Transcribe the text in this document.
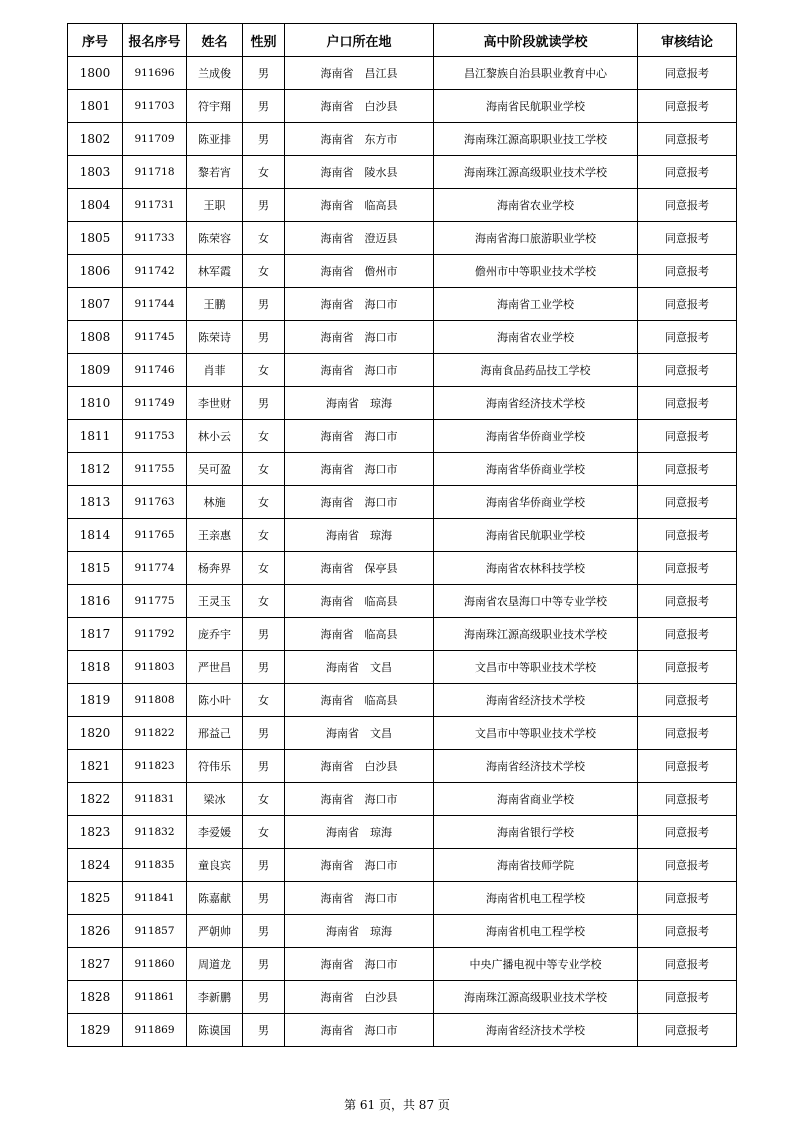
序号	报名序号	姓名	性别	户口所在地	高中阶段就读学校	审核结论
1800	911696	兰成俊	男	海南省　昌江县	昌江黎族自治县职业教育中心	同意报考
1801	911703	符宇翔	男	海南省　白沙县	海南省民航职业学校	同意报考
1802	911709	陈亚排	男	海南省　东方市	海南珠江源高职职业技工学校	同意报考
1803	911718	黎若宵	女	海南省　陵水县	海南珠江源高级职业技术学校	同意报考
1804	911731	王职	男	海南省　临高县	海南省农业学校	同意报考
1805	911733	陈荣容	女	海南省　澄迈县	海南省海口旅游职业学校	同意报考
1806	911742	林军霞	女	海南省　儋州市	儋州市中等职业技术学校	同意报考
1807	911744	王鹏	男	海南省　海口市	海南省工业学校	同意报考
1808	911745	陈荣诗	男	海南省　海口市	海南省农业学校	同意报考
1809	911746	肖菲	女	海南省　海口市	海南食品药品技工学校	同意报考
1810	911749	李世财	男	海南省　琼海	海南省经济技术学校	同意报考
1811	911753	林小云	女	海南省　海口市	海南省华侨商业学校	同意报考
1812	911755	吴可盈	女	海南省　海口市	海南省华侨商业学校	同意报考
1813	911763	林施	女	海南省　海口市	海南省华侨商业学校	同意报考
1814	911765	王亲惠	女	海南省　琼海	海南省民航职业学校	同意报考
1815	911774	杨奔界	女	海南省　保亭县	海南省农林科技学校	同意报考
1816	911775	王灵玉	女	海南省　临高县	海南省农垦海口中等专业学校	同意报考
1817	911792	庞乔宇	男	海南省　临高县	海南珠江源高级职业技术学校	同意报考
1818	911803	严世昌	男	海南省　文昌	文昌市中等职业技术学校	同意报考
1819	911808	陈小叶	女	海南省　临高县	海南省经济技术学校	同意报考
1820	911822	邢益己	男	海南省　文昌	文昌市中等职业技术学校	同意报考
1821	911823	符伟乐	男	海南省　白沙县	海南省经济技术学校	同意报考
1822	911831	梁冰	女	海南省　海口市	海南省商业学校	同意报考
1823	911832	李爱媛	女	海南省　琼海	海南省银行学校	同意报考
1824	911835	童良宾	男	海南省　海口市	海南省技师学院	同意报考
1825	911841	陈嘉献	男	海南省　海口市	海南省机电工程学校	同意报考
1826	911857	严朝帅	男	海南省　琼海	海南省机电工程学校	同意报考
1827	911860	周道龙	男	海南省　海口市	中央广播电视中等专业学校	同意报考
1828	911861	李新鹏	男	海南省　白沙县	海南珠江源高级职业技术学校	同意报考
1829	911869	陈谟国	男	海南省　海口市	海南省经济技术学校	同意报考
第 61 页，共 87 页
